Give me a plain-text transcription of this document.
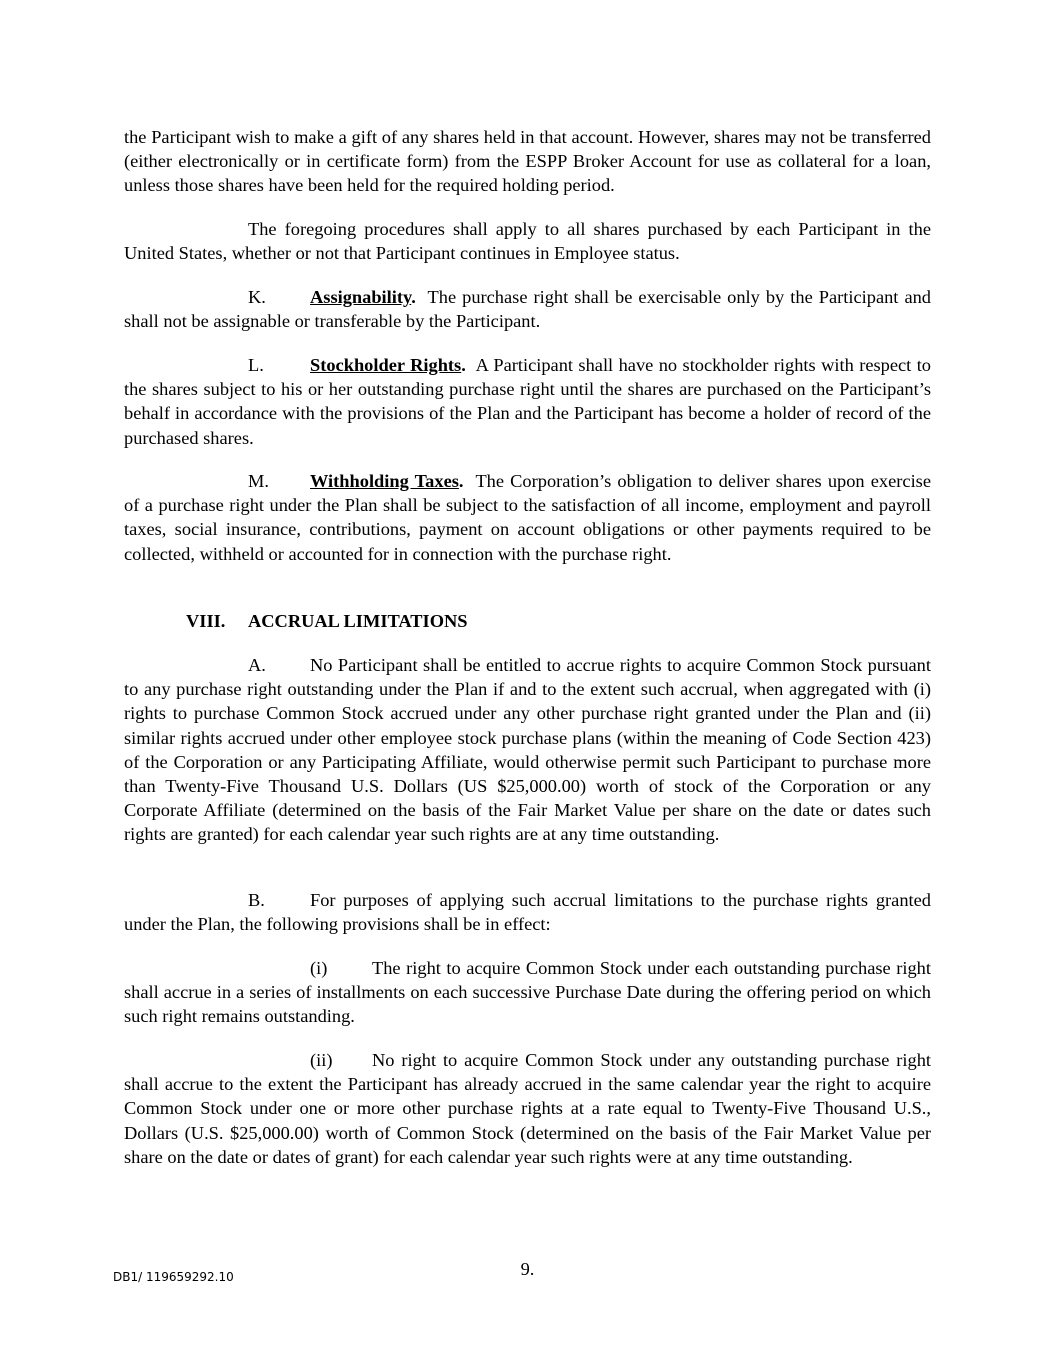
the Participant wish to make a gift of any shares held in that account. However, shares may not be transferred (either electronically or in certificate form) from the ESPP Broker Account for use as collateral for a loan, unless those shares have been held for the required holding period.

The foregoing procedures shall apply to all shares purchased by each Participant in the United States, whether or not that Participant continues in Employee status.

K. Assignability.  The purchase right shall be exercisable only by the Participant and shall not be assignable or transferable by the Participant.

L.	Stockholder Rights.  A Participant shall have no stockholder rights with respect to the shares subject to his or her outstanding purchase right until the shares are purchased on the Participant’s behalf in accordance with the provisions of the Plan and the Participant has become a holder of record of the purchased shares.

M. Withholding Taxes.  The Corporation’s obligation to deliver shares upon exercise of a purchase right under the Plan shall be subject to the satisfaction of all income, employment and payroll taxes, social insurance, contributions, payment on account obligations or other payments required to be collected, withheld or accounted for in connection with the purchase right.

VIII. ACCRUAL LIMITATIONS

A. No Participant shall be entitled to accrue rights to acquire Common Stock pursuant to any purchase right outstanding under the Plan if and to the extent such accrual, when aggregated with (i) rights to purchase Common Stock accrued under any other purchase right granted under the Plan and (ii) similar rights accrued under other employee stock purchase plans (within the meaning of Code Section 423) of the Corporation or any Participating Affiliate, would otherwise permit such Participant to purchase more than Twenty-Five Thousand U.S. Dollars (US $25,000.00) worth of stock of the Corporation or any Corporate Affiliate (determined on the basis of the Fair Market Value per share on the date or dates such rights are granted) for each calendar year such rights are at any time outstanding.

B. For purposes of applying such accrual limitations to the purchase rights granted under the Plan, the following provisions shall be in effect:

(i) The right to acquire Common Stock under each outstanding purchase right shall accrue in a series of installments on each successive Purchase Date during the offering period on which such right remains outstanding.

(ii) No right to acquire Common Stock under any outstanding purchase right shall accrue to the extent the Participant has already accrued in the same calendar year the right to acquire Common Stock under one or more other purchase rights at a rate equal to Twenty-Five Thousand U.S., Dollars (U.S. $25,000.00) worth of Common Stock (determined on the basis of the Fair Market Value per share on the date or dates of grant) for each calendar year such rights were at any time outstanding.

DB1/ 119659292.10	9.
